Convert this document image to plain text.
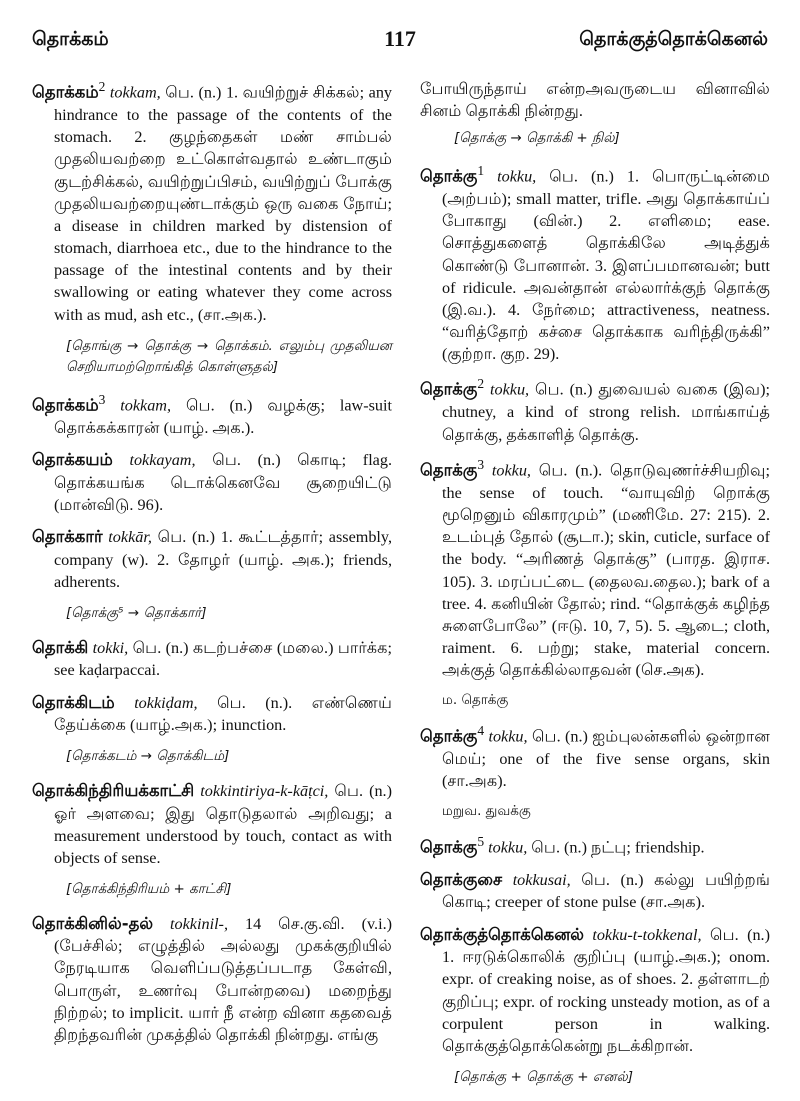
தொக்கம்	117	தொக்குத்தொக்கெனல்
தொக்கம்$^2$ tokkam, பெ. (n.) 1. வயிற்றுச் சிக்கல்; any hindrance to the passage of the contents of the stomach. 2. குழந்தைகள் மண் சாம்பல் முதலியவற்றை உட்கொள்வதால் உண்டாகும் குடற்சிக்கல், வயிற்றுப்பிசம், வயிற்றுப் போக்கு முதலியவற்றையுண்டாக்கும் ஒரு வகை நோய்; a disease in children marked by distension of stomach, diarrhoea etc., due to the hindrance to the passage of the intestinal contents and by their swallowing or eating whatever they come across with as mud, ash etc., (சா.அக.).
[தொங்கு → தொக்கு → தொக்கம். எலும்பு முதலியன செறியாமற்றொங்கித் கொள்ளுதல்]
தொக்கம்$^3$ tokkam, பெ. (n.) வழக்கு; law-suit தொக்கக்காரன் (யாழ். அக.).
தொக்கயம் tokkayam, பெ. (n.) கொடி; flag. தொக்கயங்க டொக்கெனவே சூறையிட்டு (மான்விடு. 96).
தொக்கார் tokkār, பெ. (n.) 1. கூட்டத்தார்; assembly, company (w). 2. தோழர் (யாழ். அக.); friends, adherents.
[தொக்கு⁵ → தொக்கார்]
தொக்கி tokki, பெ. (n.) கடற்பச்சை (மலை.) பார்க்க; see kaḍarpaccai.
தொக்கிடம் tokkiḍam, பெ. (n.). எண்ணெய் தேய்க்கை (யாழ்.அக.); inunction.
[தொக்கடம் → தொக்கிடம்]
தொக்கிந்திரியக்காட்சி tokkintiriya-k-kāṭci, பெ. (n.) ஓர் அளவை; இது தொடுதலால் அறிவது; a measurement understood by touch, contact as with objects of sense.
[தொக்கிந்திரியம் + காட்சி]
தொக்கினில்-தல் tokkinil-, 14 செ.கு.வி. (v.i.) (பேச்சில்; எழுத்தில் அல்லது முகக்குறியில் நேரடியாக வெளிப்படுத்தப்படாத கேள்வி, பொருள், உணர்வு போன்றவை) மறைந்து நிற்றல்; to implicit. யார் நீ என்ற வினா கதவைத் திறந்தவரின் முகத்தில் தொக்கி நின்றது. எங்கு
போயிருந்தாய் என்றஅவருடைய வினாவில் சினம் தொக்கி நின்றது.
[தொக்கு → தொக்கி + நில்]
தொக்கு$^1$ tokku, பெ. (n.) 1. பொருட்டின்மை (அற்பம்); small matter, trifle. அது தொக்காய்ப் போகாது (வின்.) 2. எளிமை; ease. சொத்துகளைத் தொக்கிலே அடித்துக் கொண்டு போனான். 3. இளப்பமானவன்; butt of ridicule. அவன்தான் எல்லார்க்குந் தொக்கு (இ.வ.). 4. நேர்மை; attractiveness, neatness. “வரித்தோற் கச்சை தொக்காக வரிந்திருக்கி” (குற்றா. குற. 29).
தொக்கு$^2$ tokku, பெ. (n.) துவையல் வகை (இவ); chutney, a kind of strong relish. மாங்காய்த் தொக்கு, தக்காளித் தொக்கு.
தொக்கு$^3$ tokku, பெ. (n.). தொடுவுணர்ச்சியறிவு; the sense of touch. “வாயுவிற் றொக்கு மூறெனும் விகாரமும்” (மணிமே. 27: 215). 2. உடம்புத் தோல் (சூடா.); skin, cuticle, surface of the body. “அரிணத் தொக்கு” (பாரத. இராச. 105). 3. மரப்பட்டை (தைலவ.தைல.); bark of a tree. 4. கனியின் தோல்; rind. “தொக்குக் கழிந்த சுளைபோலே” (ஈடு. 10, 7, 5). 5. ஆடை; cloth, raiment. 6. பற்று; stake, material concern. அக்குத் தொக்கில்லாதவன் (செ.அக).
ம. தொக்கு
தொக்கு$^4$ tokku, பெ. (n.) ஐம்புலன்களில் ஒன்றான மெய்; one of the five sense organs, skin (சா.அக).
மறுவ. துவக்கு
தொக்கு$^5$ tokku, பெ. (n.) நட்பு; friendship.
தொக்குசை tokkusai, பெ. (n.) கல்லு பயிற்றங் கொடி; creeper of stone pulse (சா.அக).
தொக்குத்தொக்கெனல் tokku-t-tokkenal, பெ. (n.) 1. ஈரடுக்கொலிக் குறிப்பு (யாழ்.அக.); onom. expr. of creaking noise, as of shoes. 2. தள்ளாடற் குறிப்பு; expr. of rocking unsteady motion, as of a corpulent person in walking. தொக்குத்தொக்கென்று நடக்கிறான்.
[தொக்கு + தொக்கு + எனல்]
